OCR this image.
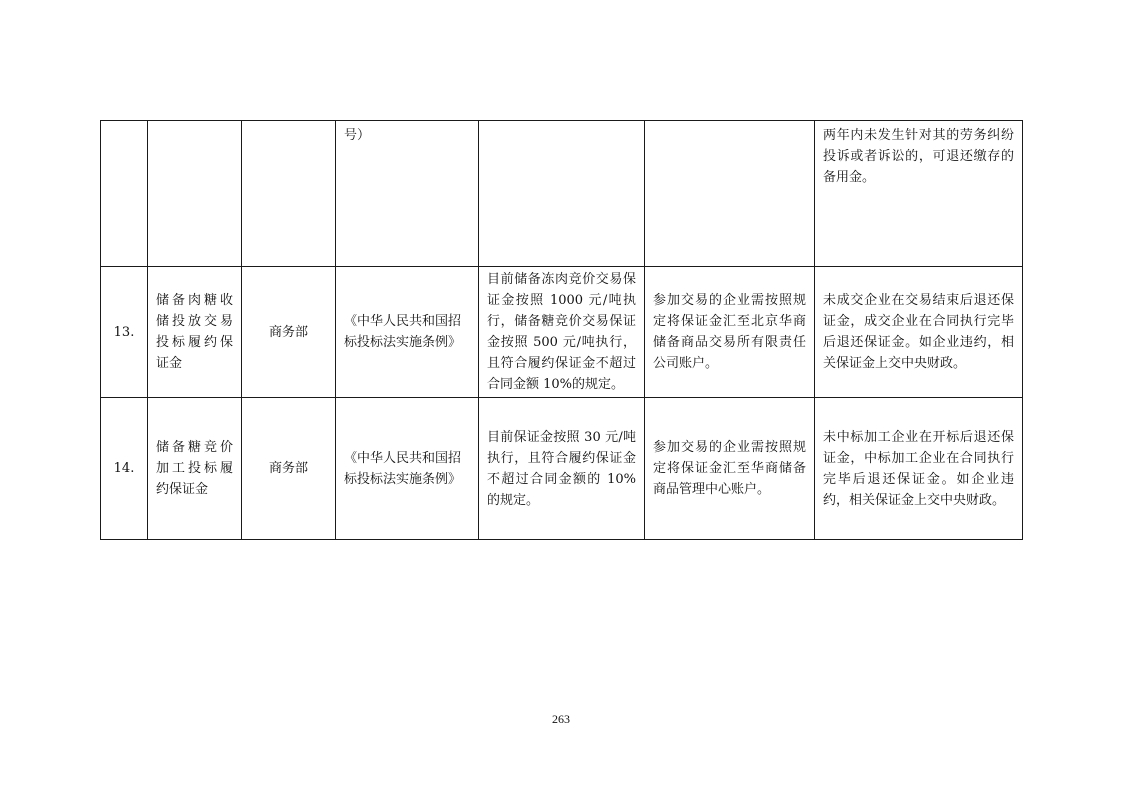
			号）			两年内未发生针对其的劳务纠纷投诉或者诉讼的，可退还缴存的备用金。
13.	储备肉糖收储投放交易投标履约保证金	商务部	《中华人民共和国招标投标法实施条例》	目前储备冻肉竞价交易保证金按照 1000 元/吨执行，储备糖竞价交易保证金按照 500 元/吨执行，且符合履约保证金不超过合同金额 10%的规定。	参加交易的企业需按照规定将保证金汇至北京华商储备商品交易所有限责任公司账户。	未成交企业在交易结束后退还保证金，成交企业在合同执行完毕后退还保证金。如企业违约，相关保证金上交中央财政。
14.	储备糖竞价加工投标履约保证金	商务部	《中华人民共和国招标投标法实施条例》	目前保证金按照 30 元/吨执行，且符合履约保证金不超过合同金额的 10%的规定。	参加交易的企业需按照规定将保证金汇至华商储备商品管理中心账户。	未中标加工企业在开标后退还保证金，中标加工企业在合同执行完毕后退还保证金。如企业违约，相关保证金上交中央财政。
263
